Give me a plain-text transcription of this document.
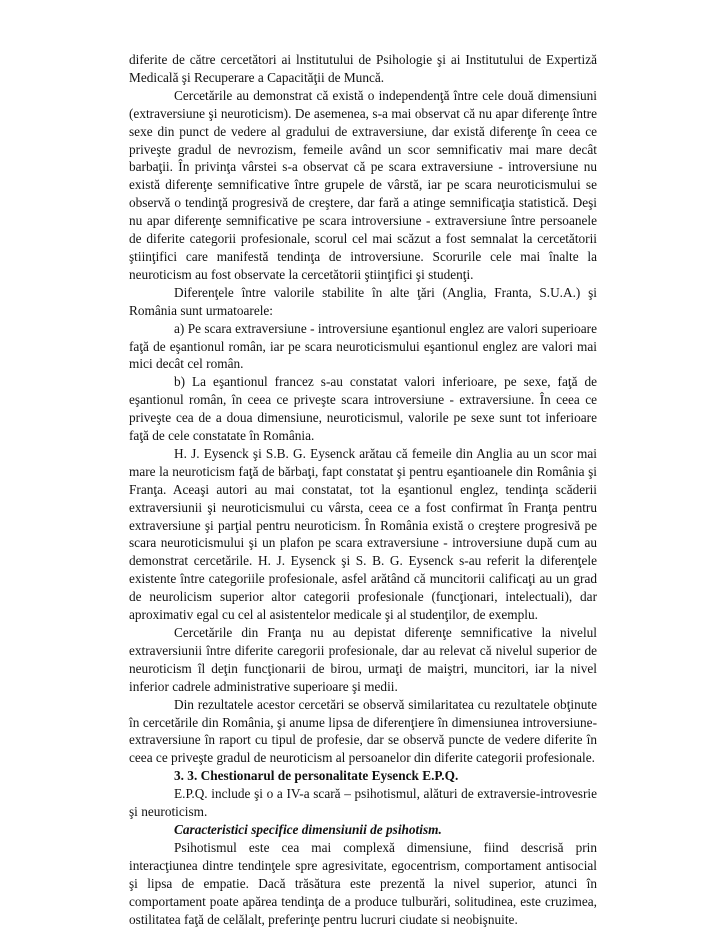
diferite de către cercetători ai lnstitutului de Psihologie şi ai Institutului de Expertiză Medicală şi Recuperare a Capacităţii de Muncă.

Cercetările au demonstrat că există o independenţă între cele două dimensiuni (extraversiune şi neuroticism). De asemenea, s-a mai observat că nu apar diferenţe între sexe din punct de vedere al gradului de extraversiune, dar există diferenţe în ceea ce priveşte gradul de nevrozism, femeile având un scor semnificativ mai mare decât barbaţii. În privinţa vârstei s-a observat că pe scara extraversiune - introversiune nu există diferenţe semnificative între grupele de vârstă, iar pe scara neuroticismului se observă o tendinţă progresivă de creştere, dar fară a atinge semnificaţia statistică. Deşi nu apar diferenţe semnificative pe scara introversiune - extraversiune între persoanele de diferite categorii profesionale, scorul cel mai scăzut a fost semnalat la cercetătorii ştiinţifici care manifestă tendinţa de introversiune. Scorurile cele mai înalte la neuroticism au fost observate la cercetătorii ştiinţifici şi studenţi.

Diferenţele între valorile stabilite în alte ţări (Anglia, Franta, S.U.A.) şi România sunt urmatoarele:

a) Pe scara extraversiune - introversiune eşantionul englez are valori superioare faţă de eşantionul român, iar pe scara neuroticismului eşantionul englez are valori mai mici decât cel român.

b) La eşantionul francez s-au constatat valori inferioare, pe sexe, faţă de eşantionul român, în ceea ce priveşte scara introversiune - extraversiune. În ceea ce priveşte cea de a doua dimensiune, neuroticismul, valorile pe sexe sunt tot inferioare faţă de cele constatate în România.

H. J. Eysenck şi S.B. G. Eysenck arătau că femeile din Anglia au un scor mai mare la neuroticism faţă de bărbaţi, fapt constatat şi pentru eşantioanele din România şi Franţa. Aceaşi autori au mai constatat, tot la eşantionul englez, tendinţa scăderii extraversiunii şi neuroticismului cu vârsta, ceea ce a fost confirmat în Franţa pentru extraversiune şi parţial pentru neuroticism. În România există o creştere progresivă pe scara neuroticismului şi un plafon pe scara extraversiune - introversiune după cum au demonstrat cercetările. H. J. Eysenck şi S. B. G. Eysenck s-au referit la diferenţele existente între categoriile profesionale, asfel arătând că muncitorii calificaţi au un grad de neurolicism superior altor categorii profesionale (funcţionari, intelectuali), dar aproximativ egal cu cel al asistentelor medicale şi al studenţilor, de exemplu.

Cercetările din Franţa nu au depistat diferenţe semnificative la nivelul extraversiunii între diferite caregorii profesionale, dar au relevat că nivelul superior de neuroticism îl deţin funcţionarii de birou, urmaţi de maiştri, muncitori, iar la nivel inferior cadrele administrative superioare şi medii.

Din rezultatele acestor cercetări se observă similaritatea cu rezultatele obţinute în cercetările din România, şi anume lipsa de diferenţiere în dimensiunea introversiune-extraversiune în raport cu tipul de profesie, dar se observă puncte de vedere diferite în ceea ce priveşte gradul de neuroticism al persoanelor din diferite categorii profesionale.

3. 3. Chestionarul de personalitate Eysenck E.P.Q.

E.P.Q. include şi o a IV-a scară – psihotismul, alături de extraversie-introvesrie şi neuroticism.

Caracteristici specifice dimensiunii de psihotism.

Psihotismul este cea mai complexă dimensiune, fiind descrisă prin interacţiunea dintre tendinţele spre agresivitate, egocentrism, comportament antisocial şi lipsa de empatie. Dacă trăsătura este prezentă la nivel superior, atunci în comportament poate apărea tendinţa de a produce tulburări, solitudinea, este cruzimea, ostilitatea faţă de celălalt, preferinţe pentru lucruri ciudate si neobişnuite.
